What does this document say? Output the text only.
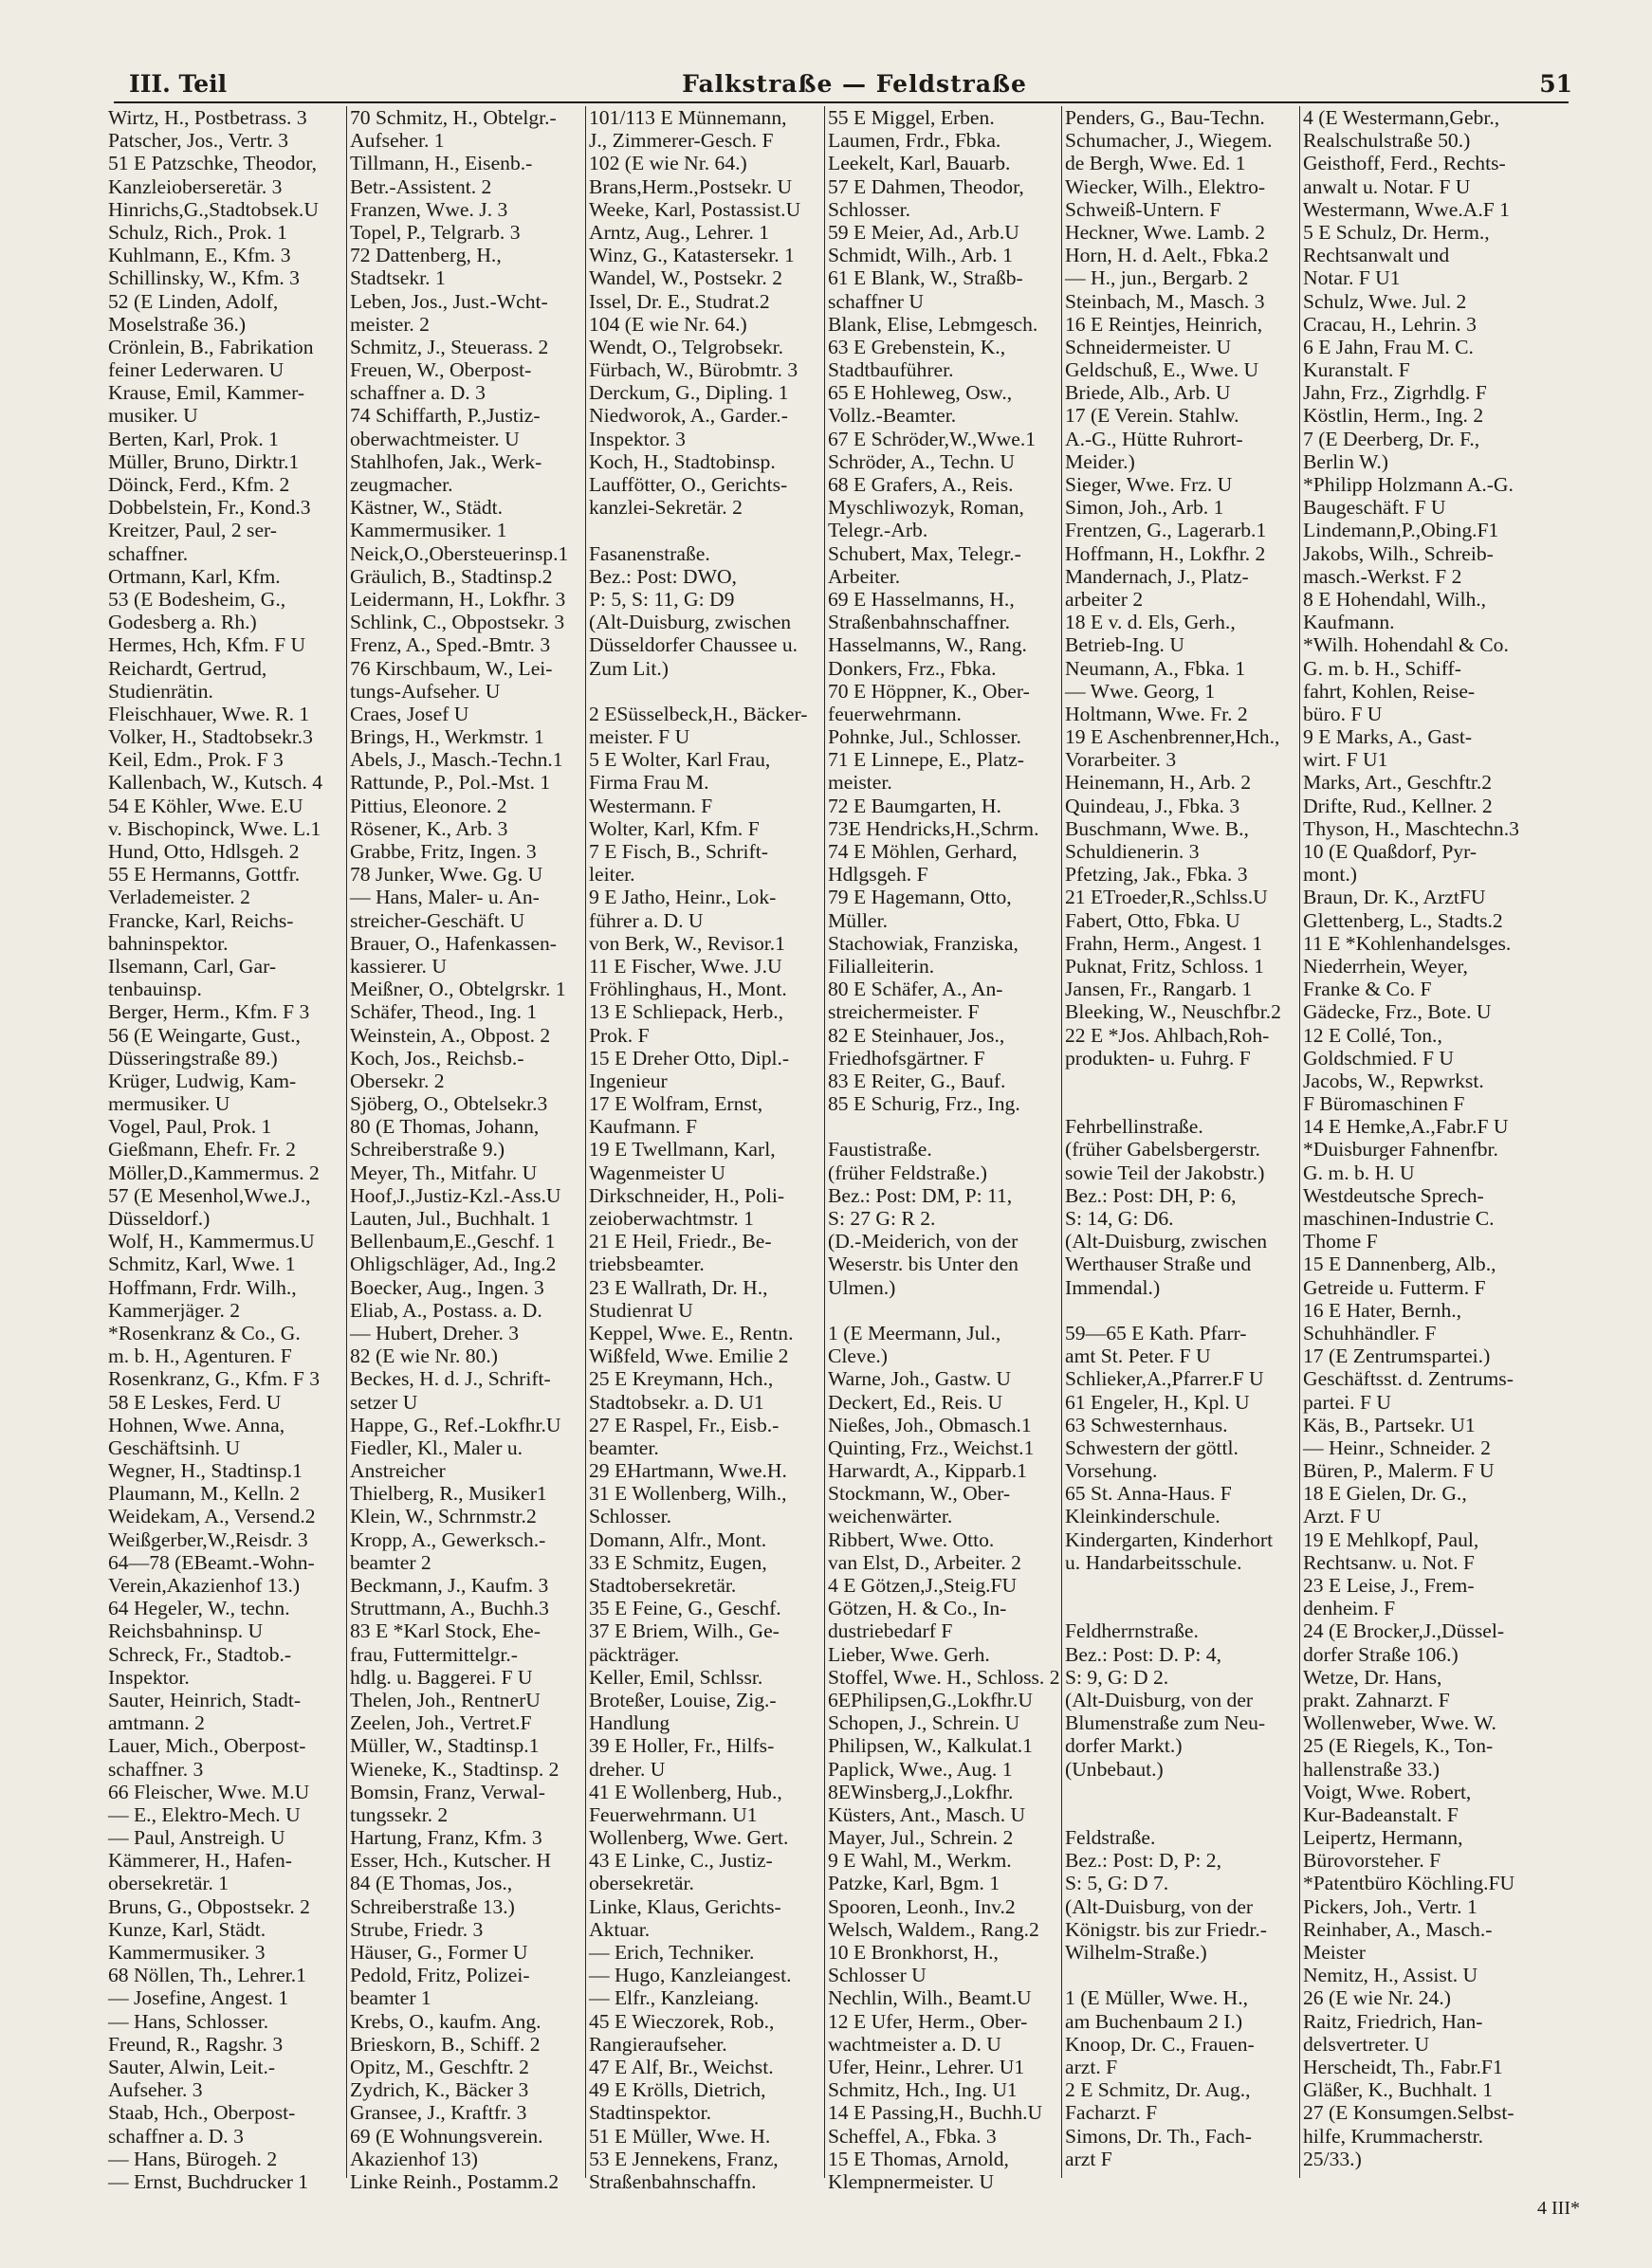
III. Teil	Falkstraße — Feldstraße	51
Wirtz, H., Postbetrass. 3
Patscher, Jos., Vertr. 3
51 E Patzschke, Theodor,
Kanzleioberseretär. 3
Hinrichs,G.,Stadtobsek.U
Schulz, Rich., Prok. 1
Kuhlmann, E., Kfm. 3
Schillinsky, W., Kfm. 3
52 (E Linden, Adolf,
Moselstraße 36.)
Crönlein, B., Fabrikation
feiner Lederwaren. U
Krause, Emil, Kammer-
musiker. U
Berten, Karl, Prok. 1
Müller, Bruno, Dirktr.1
Döinck, Ferd., Kfm. 2
Dobbelstein, Fr., Kond.3
Kreitzer, Paul, 2 ser-
schaffner.
Ortmann, Karl, Kfm.
53 (E Bodesheim, G.,
Godesberg a. Rh.)
Hermes, Hch, Kfm. F U
Reichardt, Gertrud,
Studienrätin.
Fleischhauer, Wwe. R. 1
Volker, H., Stadtobsekr.3
Keil, Edm., Prok. F 3
Kallenbach, W., Kutsch. 4
54 E Köhler, Wwe. E.U
v. Bischopinck, Wwe. L.1
Hund, Otto, Hdlsgeh. 2
55 E Hermanns, Gottfr.
Verlademeister. 2
Francke, Karl, Reichs-
bahninspektor.
Ilsemann, Carl, Gar-
tenbauinsp.
Berger, Herm., Kfm. F 3
56 (E Weingarte, Gust.,
Düsseringstraße 89.)
Krüger, Ludwig, Kam-
mermusiker. U
Vogel, Paul, Prok. 1
Gießmann, Ehefr. Fr. 2
Möller,D.,Kammermus. 2
57 (E Mesenhol,Wwe.J.,
Düsseldorf.)
Wolf, H., Kammermus.U
Schmitz, Karl, Wwe. 1
Hoffmann, Frdr. Wilh.,
Kammerjäger. 2
*Rosenkranz & Co., G.
m. b. H., Agenturen. F
Rosenkranz, G., Kfm. F 3
58 E Leskes, Ferd. U
Hohnen, Wwe. Anna,
Geschäftsinh. U
Wegner, H., Stadtinsp.1
Plaumann, M., Kelln. 2
Weidekam, A., Versend.2
Weißgerber,W.,Reisdr. 3
64—78 (EBeamt.-Wohn-
Verein,Akazienhof 13.)
64 Hegeler, W., techn.
Reichsbahninsp. U
Schreck, Fr., Stadtob.-
Inspektor.
Sauter, Heinrich, Stadt-
amtmann. 2
Lauer, Mich., Oberpost-
schaffner. 3
66 Fleischer, Wwe. M.U
— E., Elektro-Mech. U
— Paul, Anstreigh. U
Kämmerer, H., Hafen-
obersekretär. 1
Bruns, G., Obpostsekr. 2
Kunze, Karl, Städt.
Kammermusiker. 3
68 Nöllen, Th., Lehrer.1
— Josefine, Angest. 1
— Hans, Schlosser.
Freund, R., Ragshr. 3
Sauter, Alwin, Leit.-
Aufseher. 3
Staab, Hch., Oberpost-
schaffner a. D. 3
— Hans, Bürogeh. 2
— Ernst, Buchdrucker 1
70 Schmitz, H., Obtelgr.-
Aufseher. 1
Tillmann, H., Eisenb.-
Betr.-Assistent. 2
Franzen, Wwe. J. 3
Topel, P., Telgrarb. 3
72 Dattenberg, H.,
Stadtsekr. 1
Leben, Jos., Just.-Wcht-
meister. 2
Schmitz, J., Steuerass. 2
Freuen, W., Oberpost-
schaffner a. D. 3
74 Schiffarth, P.,Justiz-
oberwachtmeister. U
Stahlhofen, Jak., Werk-
zeugmacher.
Kästner, W., Städt.
Kammermusiker. 1
Neick,O.,Obersteuerinsp.1
Gräulich, B., Stadtinsp.2
Leidermann, H., Lokfhr. 3
Schlink, C., Obpostsekr. 3
Frenz, A., Sped.-Bmtr. 3
76 Kirschbaum, W., Lei-
tungs-Aufseher. U
Craes, Josef U
Brings, H., Werkmstr. 1
Abels, J., Masch.-Techn.1
Rattunde, P., Pol.-Mst. 1
Pittius, Eleonore. 2
Rösener, K., Arb. 3
Grabbe, Fritz, Ingen. 3
78 Junker, Wwe. Gg. U
— Hans, Maler- u. An-
streicher-Geschäft. U
Brauer, O., Hafenkassen-
kassierer. U
Meißner, O., Obtelgrskr. 1
Schäfer, Theod., Ing. 1
Weinstein, A., Obpost. 2
Koch, Jos., Reichsb.-
Obersekr. 2
Sjöberg, O., Obtelsekr.3
80 (E Thomas, Johann,
Schreiberstraße 9.)
Meyer, Th., Mitfahr. U
Hoof,J.,Justiz-Kzl.-Ass.U
Lauten, Jul., Buchhalt. 1
Bellenbaum,E.,Geschf. 1
Ohligschläger, Ad., Ing.2
Boecker, Aug., Ingen. 3
Eliab, A., Postass. a. D.
— Hubert, Dreher. 3
82 (E wie Nr. 80.)
Beckes, H. d. J., Schrift-
setzer U
Happe, G., Ref.-Lokfhr.U
Fiedler, Kl., Maler u.
Anstreicher
Thielberg, R., Musiker1
Klein, W., Schrnmstr.2
Kropp, A., Gewerksch.-
beamter 2
Beckmann, J., Kaufm. 3
Struttmann, A., Buchh.3
83 E *Karl Stock, Ehe-
frau, Futtermittelgr.-
hdlg. u. Baggerei. F U
Thelen, Joh., RentnerU
Zeelen, Joh., Vertret.F
Müller, W., Stadtinsp.1
Wieneke, K., Stadtinsp. 2
Bomsin, Franz, Verwal-
tungssekr. 2
Hartung, Franz, Kfm. 3
Esser, Hch., Kutscher. H
84 (E Thomas, Jos.,
Schreiberstraße 13.)
Strube, Friedr. 3
Häuser, G., Former U
Pedold, Fritz, Polizei-
beamter 1
Krebs, O., kaufm. Ang.
Brieskorn, B., Schiff. 2
Opitz, M., Geschftr. 2
Zydrich, K., Bäcker 3
Gransee, J., Kraftfr. 3
69 (E Wohnungsverein.
Akazienhof 13)
Linke Reinh., Postamm.2
101/113 E Münnemann,
J., Zimmerer-Gesch. F
102 (E wie Nr. 64.)
Brans,Herm.,Postsekr. U
Weeke, Karl, Postassist.U
Arntz, Aug., Lehrer. 1
Winz, G., Katastersekr. 1
Wandel, W., Postsekr. 2
Issel, Dr. E., Studrat.2
104 (E wie Nr. 64.)
Wendt, O., Telgrobsekr.
Fürbach, W., Bürobmtr. 3
Derckum, G., Dipling. 1
Niedworok, A., Garder.-
Inspektor. 3
Koch, H., Stadtobinsp.
Lauffötter, O., Gerichts-
kanzlei-Sekretär. 2
Fasanenstraße.
Bez.: Post: DWO,
P: 5, S: 11, G: D9
(Alt-Duisburg, zwischen
Düsseldorfer Chaussee u.
Zum Lit.)
2 ESüsselbeck,H., Bäcker-
meister. F U
5 E Wolter, Karl Frau,
Firma Frau M.
Westermann. F
Wolter, Karl, Kfm. F
7 E Fisch, B., Schrift-
leiter.
9 E Jatho, Heinr., Lok-
führer a. D. U
von Berk, W., Revisor.1
11 E Fischer, Wwe. J.U
Fröhlinghaus, H., Mont.
13 E Schliepack, Herb.,
Prok. F
15 E Dreher Otto, Dipl.-
Ingenieur
17 E Wolfram, Ernst,
Kaufmann. F
19 E Twellmann, Karl,
Wagenmeister U
Dirkschneider, H., Poli-
zeioberwachtmstr. 1
21 E Heil, Friedr., Be-
triebsbeamter.
23 E Wallrath, Dr. H.,
Studienrat U
Keppel, Wwe. E., Rentn.
Wißfeld, Wwe. Emilie 2
25 E Kreymann, Hch.,
Stadtobsekr. a. D. U1
27 E Raspel, Fr., Eisb.-
beamter.
29 EHartmann, Wwe.H.
31 E Wollenberg, Wilh.,
Schlosser.
Domann, Alfr., Mont.
33 E Schmitz, Eugen,
Stadtobersekretär.
35 E Feine, G., Geschf.
37 E Briem, Wilh., Ge-
päckträger.
Keller, Emil, Schlssr.
Broteßer, Louise, Zig.-
Handlung
39 E Holler, Fr., Hilfs-
dreher. U
41 E Wollenberg, Hub.,
Feuerwehrmann. U1
Wollenberg, Wwe. Gert.
43 E Linke, C., Justiz-
obersekretär.
Linke, Klaus, Gerichts-
Aktuar.
— Erich, Techniker.
— Hugo, Kanzleiangest.
— Elfr., Kanzleiang.
45 E Wieczorek, Rob.,
Rangieraufseher.
47 E Alf, Br., Weichst.
49 E Krölls, Dietrich,
Stadtinspektor.
51 E Müller, Wwe. H.
53 E Jennekens, Franz,
Straßenbahnschaffn.
55 E Miggel, Erben.
Laumen, Frdr., Fbka.
Leekelt, Karl, Bauarb.
57 E Dahmen, Theodor,
Schlosser.
59 E Meier, Ad., Arb.U
Schmidt, Wilh., Arb. 1
61 E Blank, W., Straßb-
schaffner U
Blank, Elise, Lebmgesch.
63 E Grebenstein, K.,
Stadtbauführer.
65 E Hohleweg, Osw.,
Vollz.-Beamter.
67 E Schröder,W.,Wwe.1
Schröder, A., Techn. U
68 E Grafers, A., Reis.
Myschliwozyk, Roman,
Telegr.-Arb.
Schubert, Max, Telegr.-
Arbeiter.
69 E Hasselmanns, H.,
Straßenbahnschaffner.
Hasselmanns, W., Rang.
Donkers, Frz., Fbka.
70 E Höppner, K., Ober-
feuerwehrmann.
Pohnke, Jul., Schlosser.
71 E Linnepe, E., Platz-
meister.
72 E Baumgarten, H.
73E Hendricks,H.,Schrm.
74 E Möhlen, Gerhard,
Hdlgsgeh. F
79 E Hagemann, Otto,
Müller.
Stachowiak, Franziska,
Filialleiterin.
80 E Schäfer, A., An-
streichermeister. F
82 E Steinhauer, Jos.,
Friedhofsgärtner. F
83 E Reiter, G., Bauf.
85 E Schurig, Frz., Ing.
Faustistraße.
(früher Feldstraße.)
Bez.: Post: DM, P: 11,
S: 27 G: R 2.
(D.-Meiderich, von der
Weserstr. bis Unter den
Ulmen.)
1 (E Meermann, Jul.,
Cleve.)
Warne, Joh., Gastw. U
Deckert, Ed., Reis. U
Nießes, Joh., Obmasch.1
Quinting, Frz., Weichst.1
Harwardt, A., Kipparb.1
Stockmann, W., Ober-
weichenwärter.
Ribbert, Wwe. Otto.
van Elst, D., Arbeiter. 2
4 E Götzen,J.,Steig.FU
Götzen, H. & Co., In-
dustriebedarf F
Lieber, Wwe. Gerh.
Stoffel, Wwe. H., Schloss. 2
6EPhilipsen,G.,Lokfhr.U
Schopen, J., Schrein. U
Philipsen, W., Kalkulat.1
Paplick, Wwe., Aug. 1
8EWinsberg,J.,Lokfhr.
Küsters, Ant., Masch. U
Mayer, Jul., Schrein. 2
9 E Wahl, M., Werkm.
Patzke, Karl, Bgm. 1
Spooren, Leonh., Inv.2
Welsch, Waldem., Rang.2
10 E Bronkhorst, H.,
Schlosser U
Nechlin, Wilh., Beamt.U
12 E Ufer, Herm., Ober-
wachtmeister a. D. U
Ufer, Heinr., Lehrer. U1
Schmitz, Hch., Ing. U1
14 E Passing,H., Buchh.U
Scheffel, A., Fbka. 3
15 E Thomas, Arnold,
Klempnermeister. U
Penders, G., Bau-Techn.
Schumacher, J., Wiegem.
de Bergh, Wwe. Ed. 1
Wiecker, Wilh., Elektro-
Schweiß-Untern. F
Heckner, Wwe. Lamb. 2
Horn, H. d. Aelt., Fbka.2
— H., jun., Bergarb. 2
Steinbach, M., Masch. 3
16 E Reintjes, Heinrich,
Schneidermeister. U
Geldschuß, E., Wwe. U
Briede, Alb., Arb. U
17 (E Verein. Stahlw.
A.-G., Hütte Ruhrort-
Meider.)
Sieger, Wwe. Frz. U
Simon, Joh., Arb. 1
Frentzen, G., Lagerarb.1
Hoffmann, H., Lokfhr. 2
Mandernach, J., Platz-
arbeiter 2
18 E v. d. Els, Gerh.,
Betrieb-Ing. U
Neumann, A., Fbka. 1
— Wwe. Georg, 1
Holtmann, Wwe. Fr. 2
19 E Aschenbrenner,Hch.,
Vorarbeiter. 3
Heinemann, H., Arb. 2
Quindeau, J., Fbka. 3
Buschmann, Wwe. B.,
Schuldienerin. 3
Pfetzing, Jak., Fbka. 3
21 ETroeder,R.,Schlss.U
Fabert, Otto, Fbka. U
Frahn, Herm., Angest. 1
Puknat, Fritz, Schloss. 1
Jansen, Fr., Rangarb. 1
Bleeking, W., Neuschfbr.2
22 E *Jos. Ahlbach,Roh-
produkten- u. Fuhrg. F
Fehrbellinstraße.
(früher Gabelsbergerstr.
sowie Teil der Jakobstr.)
Bez.: Post: DH, P: 6,
S: 14, G: D6.
(Alt-Duisburg, zwischen
Werthauser Straße und
Immendal.)
59—65 E Kath. Pfarr-
amt St. Peter. F U
Schlieker,A.,Pfarrer.F U
61 Engeler, H., Kpl. U
63 Schwesternhaus.
Schwestern der göttl.
Vorsehung.
65 St. Anna-Haus. F
Kleinkinderschule.
Kindergarten, Kinderhort
u. Handarbeitsschule.
Feldherrnstraße.
Bez.: Post: D. P: 4,
S: 9, G: D 2.
(Alt-Duisburg, von der
Blumenstraße zum Neu-
dorfer Markt.)
(Unbebaut.)
Feldstraße.
Bez.: Post: D, P: 2,
S: 5, G: D 7.
(Alt-Duisburg, von der
Königstr. bis zur Friedr.-
Wilhelm-Straße.)
1 (E Müller, Wwe. H.,
am Buchenbaum 2 I.)
Knoop, Dr. C., Frauen-
arzt. F
2 E Schmitz, Dr. Aug.,
Facharzt. F
Simons, Dr. Th., Fach-
arzt F
4 (E Westermann,Gebr.,
Realschulstraße 50.)
Geisthoff, Ferd., Rechts-
anwalt u. Notar. F U
Westermann, Wwe.A.F 1
5 E Schulz, Dr. Herm.,
Rechtsanwalt und
Notar. F U1
Schulz, Wwe. Jul. 2
Cracau, H., Lehrin. 3
6 E Jahn, Frau M. C.
Kuranstalt. F
Jahn, Frz., Zigrhdlg. F
Köstlin, Herm., Ing. 2
7 (E Deerberg, Dr. F.,
Berlin W.)
*Philipp Holzmann A.-G.
Baugeschäft. F U
Lindemann,P.,Obing.F1
Jakobs, Wilh., Schreib-
masch.-Werkst. F 2
8 E Hohendahl, Wilh.,
Kaufmann.
*Wilh. Hohendahl & Co.
G. m. b. H., Schiff-
fahrt, Kohlen, Reise-
büro. F U
9 E Marks, A., Gast-
wirt. F U1
Marks, Art., Geschftr.2
Drifte, Rud., Kellner. 2
Thyson, H., Maschtechn.3
10 (E Quaßdorf, Pyr-
mont.)
Braun, Dr. K., ArztFU
Glettenberg, L., Stadts.2
11 E *Kohlenhandelsges.
Niederrhein, Weyer,
Franke & Co. F
Gädecke, Frz., Bote. U
12 E Collé, Ton.,
Goldschmied. F U
Jacobs, W., Repwrkst.
F Büromaschinen F
14 E Hemke,A.,Fabr.F U
*Duisburger Fahnenfbr.
G. m. b. H. U
Westdeutsche Sprech-
maschinen-Industrie C.
Thome F
15 E Dannenberg, Alb.,
Getreide u. Futterm. F
16 E Hater, Bernh.,
Schuhhändler. F
17 (E Zentrumspartei.)
Geschäftsst. d. Zentrums-
partei. F U
Käs, B., Partsekr. U1
— Heinr., Schneider. 2
Büren, P., Malerm. F U
18 E Gielen, Dr. G.,
Arzt. F U
19 E Mehlkopf, Paul,
Rechtsanw. u. Not. F
23 E Leise, J., Frem-
denheim. F
24 (E Brocker,J.,Düssel-
dorfer Straße 106.)
Wetze, Dr. Hans,
prakt. Zahnarzt. F
Wollenweber, Wwe. W.
25 (E Riegels, K., Ton-
hallenstraße 33.)
Voigt, Wwe. Robert,
Kur-Badeanstalt. F
Leipertz, Hermann,
Bürovorsteher. F
*Patentbüro Köchling.FU
Pickers, Joh., Vertr. 1
Reinhaber, A., Masch.-
Meister
Nemitz, H., Assist. U
26 (E wie Nr. 24.)
Raitz, Friedrich, Han-
delsvertreter. U
Herscheidt, Th., Fabr.F1
Gläßer, K., Buchhalt. 1
27 (E Konsumgen.Selbst-
hilfe, Krummacherstr.
25/33.)
4 III*
